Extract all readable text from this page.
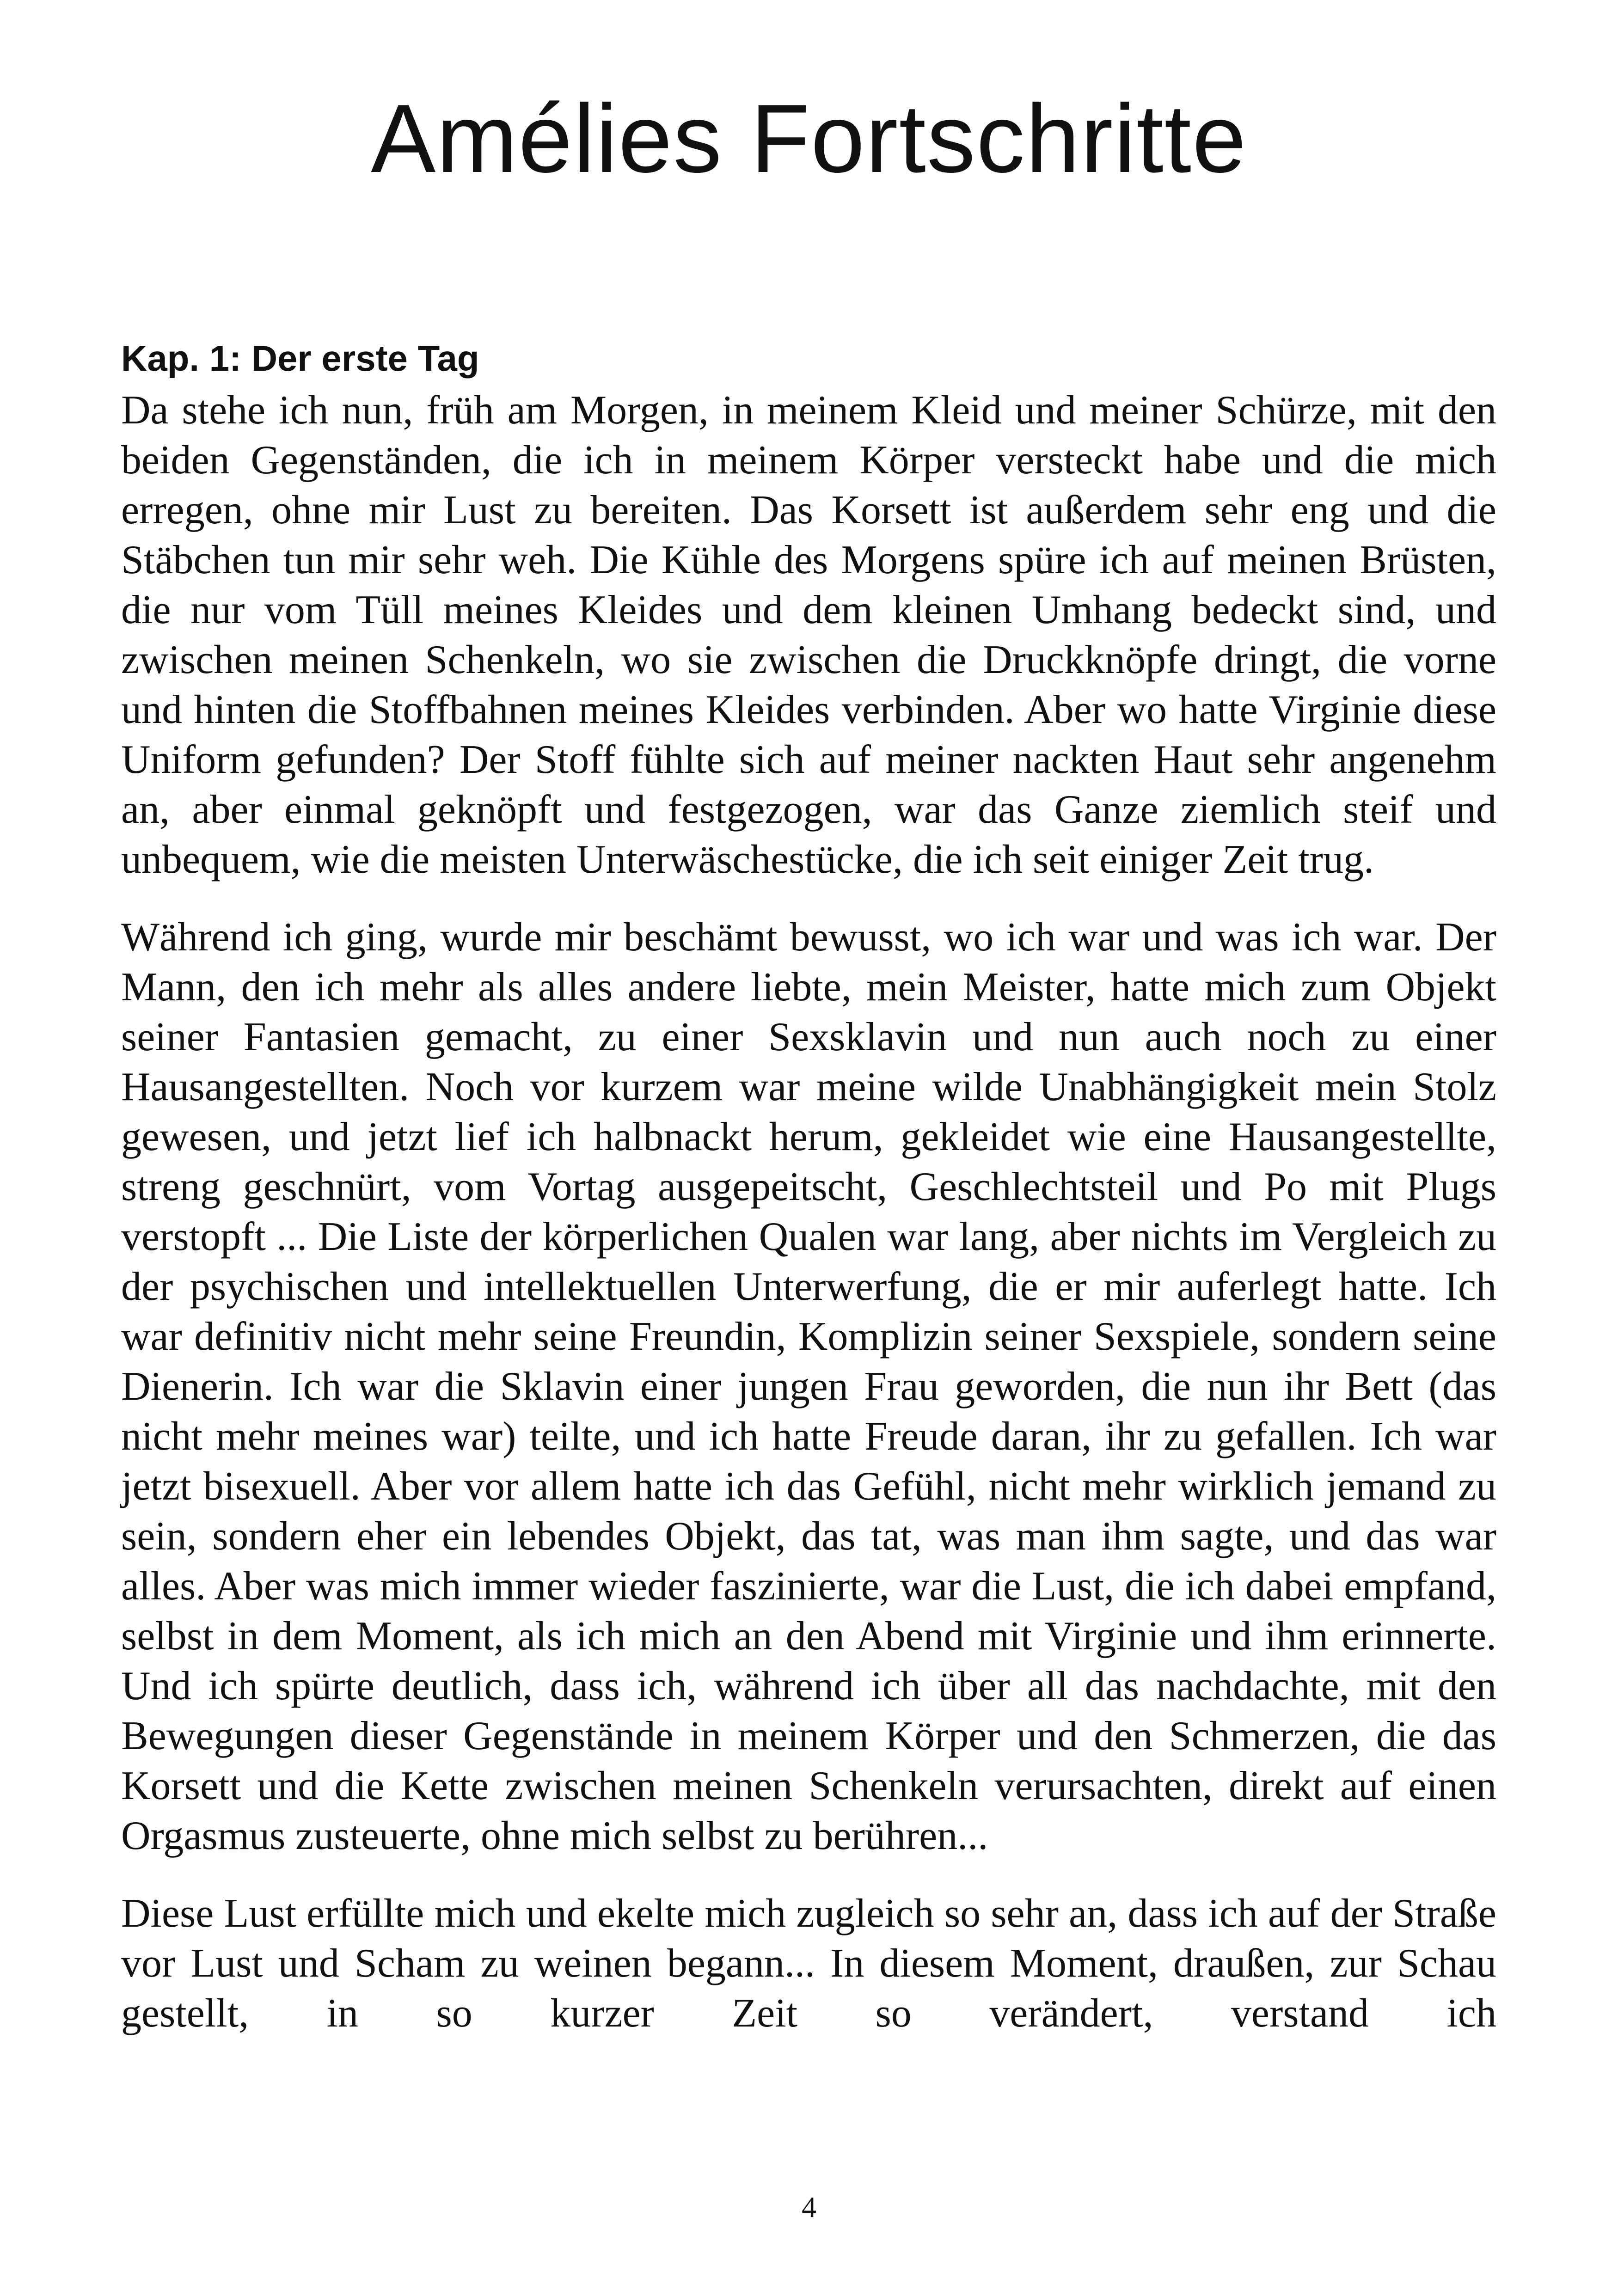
Amélies Fortschritte
Kap. 1: Der erste Tag

Da stehe ich nun, früh am Morgen, in meinem Kleid und meiner Schürze, mit den beiden Gegenständen, die ich in meinem Körper versteckt habe und die mich erregen, ohne mir Lust zu bereiten. Das Korsett ist außerdem sehr eng und die Stäbchen tun mir sehr weh. Die Kühle des Morgens spüre ich auf meinen Brüsten, die nur vom Tüll meines Kleides und dem kleinen Umhang bedeckt sind, und zwischen meinen Schenkeln, wo sie zwischen die Druckknöpfe dringt, die vorne und hinten die Stoffbahnen meines Kleides verbinden. Aber wo hatte Virginie diese Uniform gefunden? Der Stoff fühlte sich auf meiner nackten Haut sehr angenehm an, aber einmal geknöpft und festgezogen, war das Ganze ziemlich steif und unbequem, wie die meisten Unterwäschestücke, die ich seit einiger Zeit trug.

Während ich ging, wurde mir beschämt bewusst, wo ich war und was ich war. Der Mann, den ich mehr als alles andere liebte, mein Meister, hatte mich zum Objekt seiner Fantasien gemacht, zu einer Sexsklavin und nun auch noch zu einer Hausangestellten. Noch vor kurzem war meine wilde Unabhängigkeit mein Stolz gewesen, und jetzt lief ich halbnackt herum, gekleidet wie eine Hausangestellte, streng geschnürt, vom Vortag ausgepeitscht, Geschlechtsteil und Po mit Plugs verstopft ... Die Liste der körperlichen Qualen war lang, aber nichts im Vergleich zu der psychischen und intellektuellen Unterwerfung, die er mir auferlegt hatte. Ich war definitiv nicht mehr seine Freundin, Komplizin seiner Sexspiele, sondern seine Dienerin. Ich war die Sklavin einer jungen Frau geworden, die nun ihr Bett (das nicht mehr meines war) teilte, und ich hatte Freude daran, ihr zu gefallen. Ich war jetzt bisexuell. Aber vor allem hatte ich das Gefühl, nicht mehr wirklich jemand zu sein, sondern eher ein lebendes Objekt, das tat, was man ihm sagte, und das war alles. Aber was mich immer wieder faszinierte, war die Lust, die ich dabei empfand, selbst in dem Moment, als ich mich an den Abend mit Virginie und ihm erinnerte. Und ich spürte deutlich, dass ich, während ich über all das nachdachte, mit den Bewegungen dieser Gegenstände in meinem Körper und den Schmerzen, die das Korsett und die Kette zwischen meinen Schenkeln verursachten, direkt auf einen Orgasmus zusteuerte, ohne mich selbst zu berühren...

Diese Lust erfüllte mich und ekelte mich zugleich so sehr an, dass ich auf der Straße vor Lust und Scham zu weinen begann... In diesem Moment, draußen, zur Schau gestellt, in so kurzer Zeit so verändert, verstand ich

4
